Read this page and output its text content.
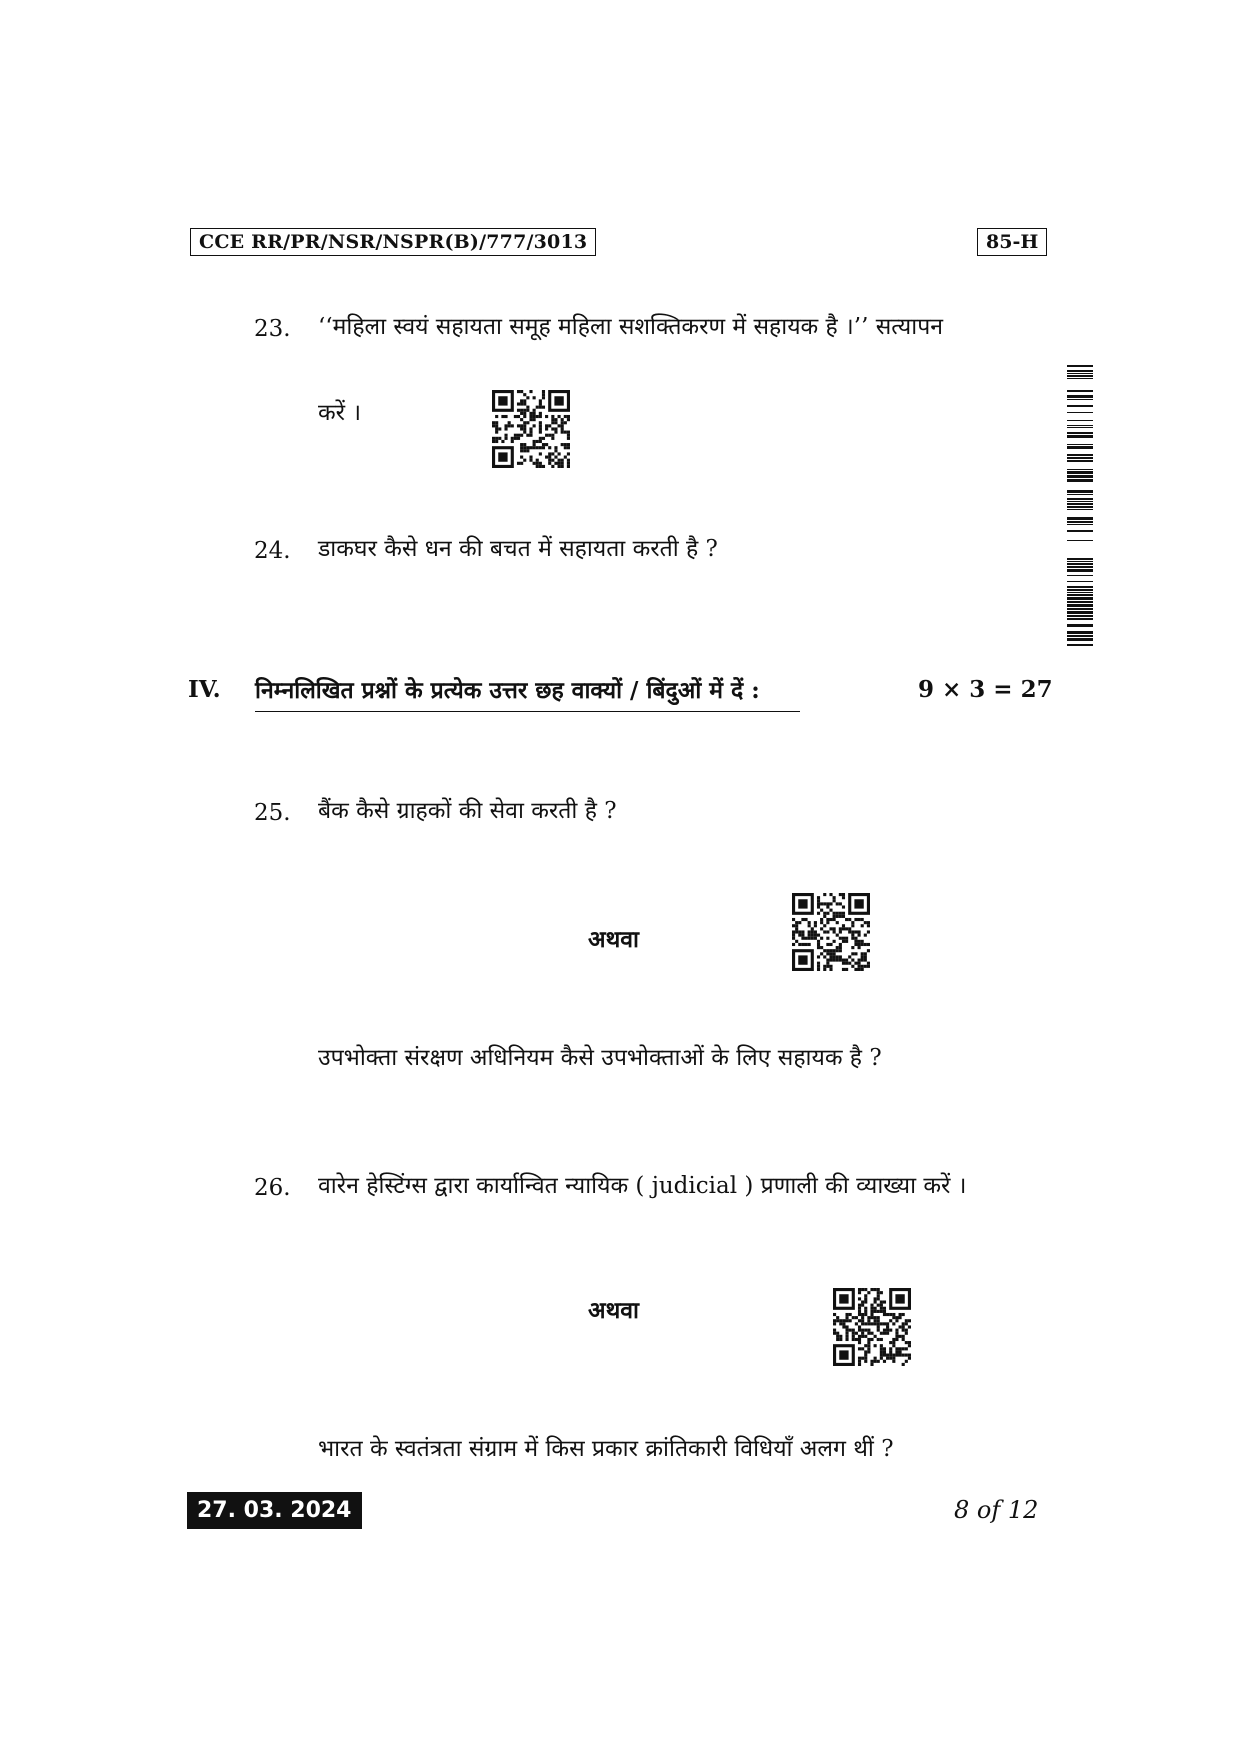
CCE RR/PR/NSR/NSPR(B)/777/3013	85-H
23. ‘‘महिला स्वयं सहायता समूह महिला सशक्तिकरण में सहायक है ।’’ सत्यापन
करें ।
24. डाकघर कैसे धन की बचत में सहायता करती है ?
IV. निम्नलिखित प्रश्नों के प्रत्येक उत्तर छह वाक्यों / बिंदुओं में दें :	9 × 3 = 27
25. बैंक कैसे ग्राहकों की सेवा करती है ?
अथवा
उपभोक्ता संरक्षण अधिनियम कैसे उपभोक्ताओं के लिए सहायक है ?
26. वारेन हेस्टिंग्स द्वारा कार्यान्वित न्यायिक ( judicial ) प्रणाली की व्याख्या करें ।
अथवा
भारत के स्वतंत्रता संग्राम में किस प्रकार क्रांतिकारी विधियाँ अलग थीं ?
27. 03. 2024	8 of 12
